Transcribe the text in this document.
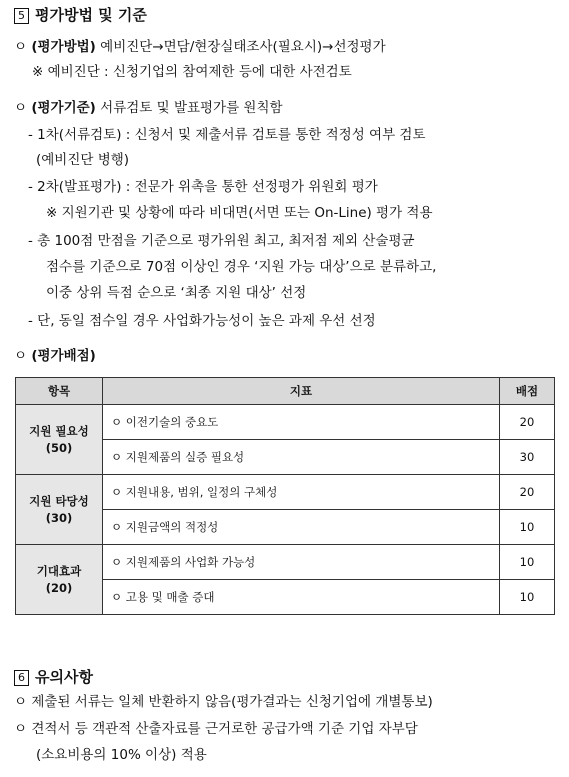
5 평가방법 및 기준
ㅇ (평가방법) 예비진단→면담/현장실태조사(필요시)→선정평가
※ 예비진단 : 신청기업의 참여제한 등에 대한 사전검토
ㅇ (평가기준) 서류검토 및 발표평가를 원칙함
- 1차(서류검토) : 신청서 및 제출서류 검토를 통한 적정성 여부 검토
(예비진단 병행)
- 2차(발표평가) : 전문가 위촉을 통한 선정평가 위원회 평가
※ 지원기관 및 상황에 따라 비대면(서면 또는 On-Line) 평가 적용
- 총 100점 만점을 기준으로 평가위원 최고, 최저점 제외 산술평균
점수를 기준으로 70점 이상인 경우 ‘지원 가능 대상’으로 분류하고,
이중 상위 득점 순으로 ‘최종 지원 대상’ 선정
- 단, 동일 점수일 경우 사업화가능성이 높은 과제 우선 선정
ㅇ (평가배점)
항목	지표	배점

지원 필요성
(50)	ㅇ 이전기술의 중요도	20
	ㅇ 지원제품의 실증 필요성	30

지원 타당성
(30)	ㅇ 지원내용, 범위, 일정의 구체성	20
	ㅇ 지원금액의 적정성	10

기대효과
(20)	ㅇ 지원제품의 사업화 가능성	10
	ㅇ 고용 및 매출 증대	10
6 유의사항
ㅇ 제출된 서류는 일체 반환하지 않음(평가결과는 신청기업에 개별통보)
ㅇ 견적서 등 객관적 산출자료를 근거로한 공급가액 기준 기업 자부담
(소요비용의 10% 이상) 적용
